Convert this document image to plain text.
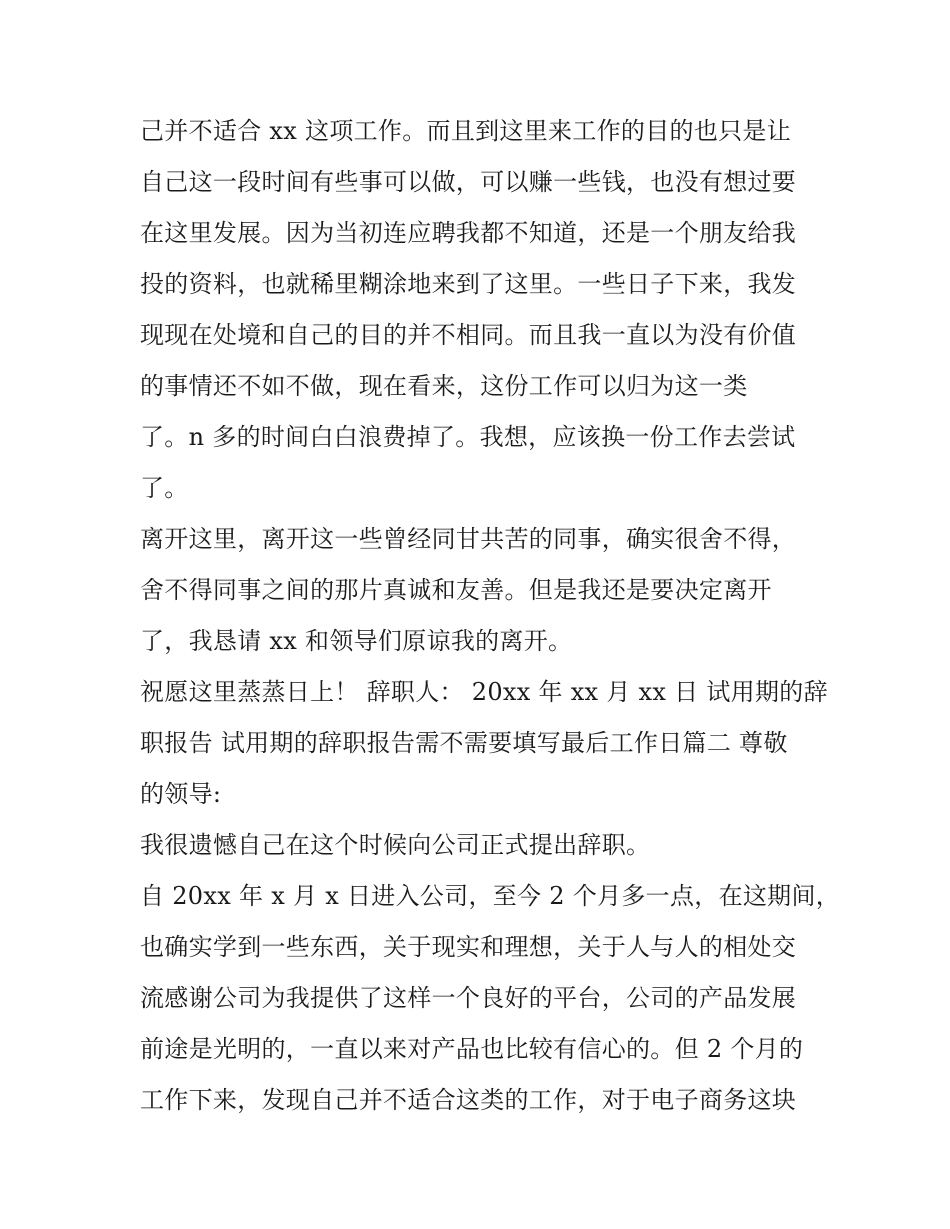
己并不适合 xx 这项工作。而且到这里来工作的目的也只是让
自己这一段时间有些事可以做，可以赚一些钱，也没有想过要
在这里发展。因为当初连应聘我都不知道，还是一个朋友给我
投的资料，也就稀里糊涂地来到了这里。一些日子下来，我发
现现在处境和自己的目的并不相同。而且我一直以为没有价值
的事情还不如不做，现在看来，这份工作可以归为这一类
了。n 多的时间白白浪费掉了。我想，应该换一份工作去尝试
了。
离开这里，离开这一些曾经同甘共苦的同事，确实很舍不得，
舍不得同事之间的那片真诚和友善。但是我还是要决定离开
了，我恳请 xx 和领导们原谅我的离开。
祝愿这里蒸蒸日上！ 辞职人： 20xx 年 xx 月 xx 日 试用期的辞
职报告 试用期的辞职报告需不需要填写最后工作日篇二 尊敬
的领导:
我很遗憾自己在这个时候向公司正式提出辞职。
自 20xx 年 x 月 x 日进入公司，至今 2 个月多一点，在这期间，
也确实学到一些东西，关于现实和理想，关于人与人的相处交
流感谢公司为我提供了这样一个良好的平台，公司的产品发展
前途是光明的，一直以来对产品也比较有信心的。但 2 个月的
工作下来，发现自己并不适合这类的工作，对于电子商务这块
